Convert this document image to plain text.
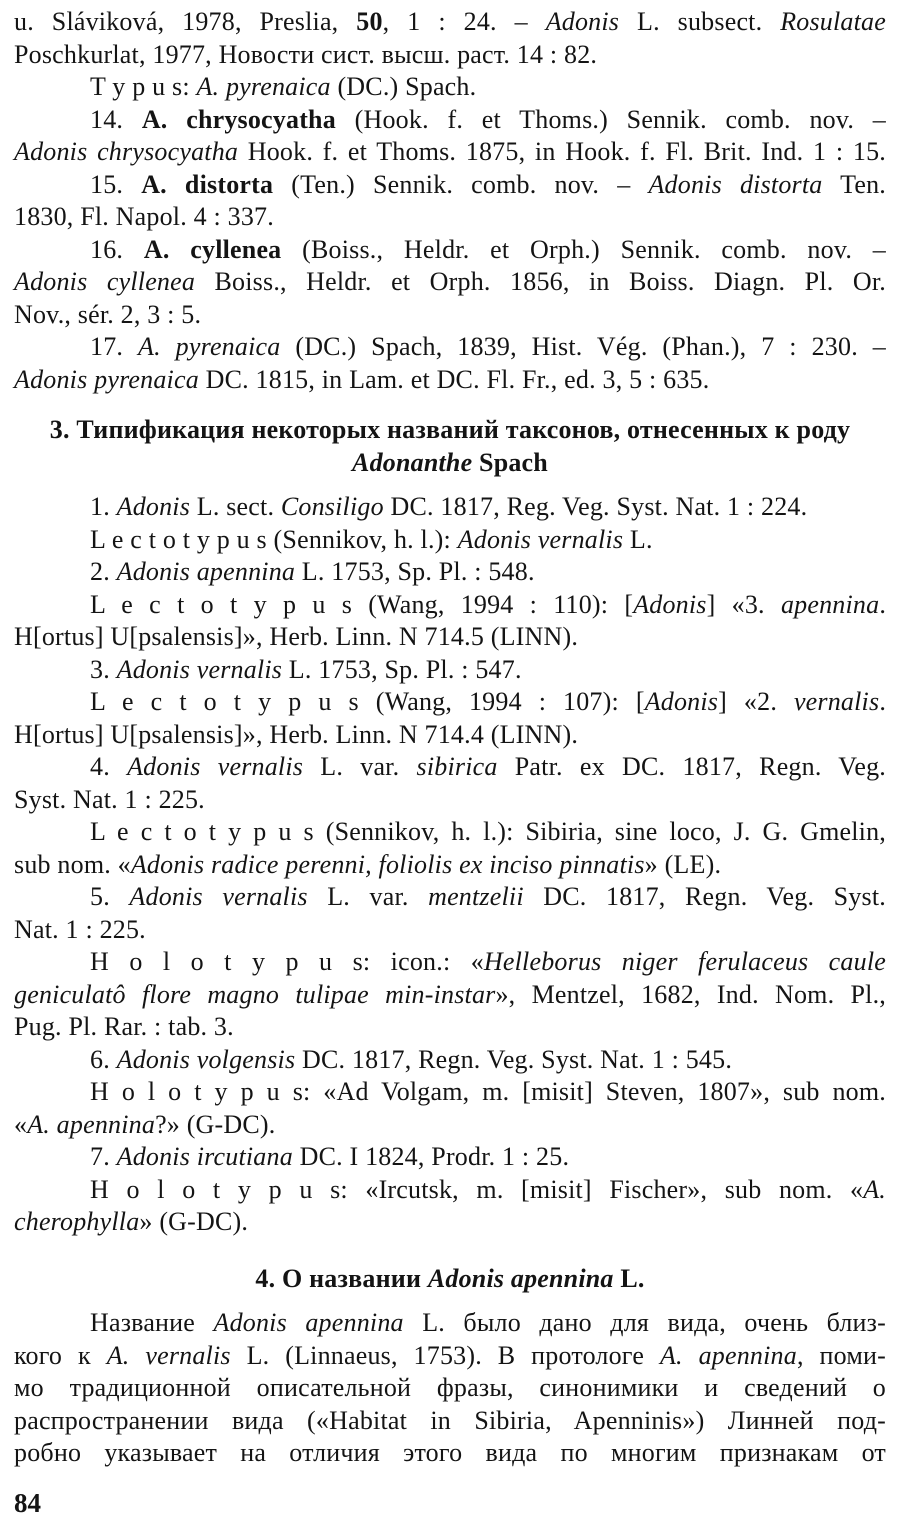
u. Sláviková, 1978, Preslia, 50, 1 : 24. – Adonis L. subsect. Rosulatae
Poschkurlat, 1977, Новости сист. высш. раст. 14 : 82.
T y p u s: A. pyrenaica (DC.) Spach.
14. A. chrysocyatha (Hook. f. et Thoms.) Sennik. comb. nov. –
Adonis chrysocyatha Hook. f. et Thoms. 1875, in Hook. f. Fl. Brit. Ind. 1 : 15.
15. A. distorta (Ten.) Sennik. comb. nov. – Adonis distorta Ten.
1830, Fl. Napol. 4 : 337.
16. A. cyllenea (Boiss., Heldr. et Orph.) Sennik. comb. nov. –
Adonis cyllenea Boiss., Heldr. et Orph. 1856, in Boiss. Diagn. Pl. Or.
Nov., sér. 2, 3 : 5.
17. A. pyrenaica (DC.) Spach, 1839, Hist. Vég. (Phan.), 7 : 230. –
Adonis pyrenaica DC. 1815, in Lam. et DC. Fl. Fr., ed. 3, 5 : 635.
3. Типификация некоторых названий таксонов, отнесенных к роду
Adonanthe Spach
1. Adonis L. sect. Consiligo DC. 1817, Reg. Veg. Syst. Nat. 1 : 224.
L e c t o t y p u s (Sennikov, h. l.): Adonis vernalis L.
2. Adonis apennina L. 1753, Sp. Pl. : 548.
L e c t o t y p u s (Wang, 1994 : 110): [Adonis] «3. apennina.
H[ortus] U[psalensis]», Herb. Linn. N 714.5 (LINN).
3. Adonis vernalis L. 1753, Sp. Pl. : 547.
L e c t o t y p u s (Wang, 1994 : 107): [Adonis] «2. vernalis.
H[ortus] U[psalensis]», Herb. Linn. N 714.4 (LINN).
4. Adonis vernalis L. var. sibirica Patr. ex DC. 1817, Regn. Veg.
Syst. Nat. 1 : 225.
L e c t o t y p u s (Sennikov, h. l.): Sibiria, sine loco, J. G. Gmelin,
sub nom. «Adonis radice perenni, foliolis ex inciso pinnatis» (LE).
5. Adonis vernalis L. var. mentzelii DC. 1817, Regn. Veg. Syst.
Nat. 1 : 225.
H o l o t y p u s: icon.: «Helleborus niger ferulaceus caule
geniculatô flore magno tulipae min-instar», Mentzel, 1682, Ind. Nom. Pl.,
Pug. Pl. Rar. : tab. 3.
6. Adonis volgensis DC. 1817, Regn. Veg. Syst. Nat. 1 : 545.
H o l o t y p u s: «Ad Volgam, m. [misit] Steven, 1807», sub nom.
«A. apennina?» (G-DC).
7. Adonis ircutiana DC. I 1824, Prodr. 1 : 25.
H o l o t y p u s: «Ircutsk, m. [misit] Fischer», sub nom. «A.
cherophylla» (G-DC).
4. О названии Adonis apennina L.
Название Adonis apennina L. было дано для вида, очень близ-
кого к A. vernalis L. (Linnaeus, 1753). В протологе A. apennina, поми-
мо традиционной описательной фразы, синонимики и сведений о
распространении вида («Habitat in Sibiria, Apenninis») Линней под-
робно указывает на отличия этого вида по многим признакам от
84
